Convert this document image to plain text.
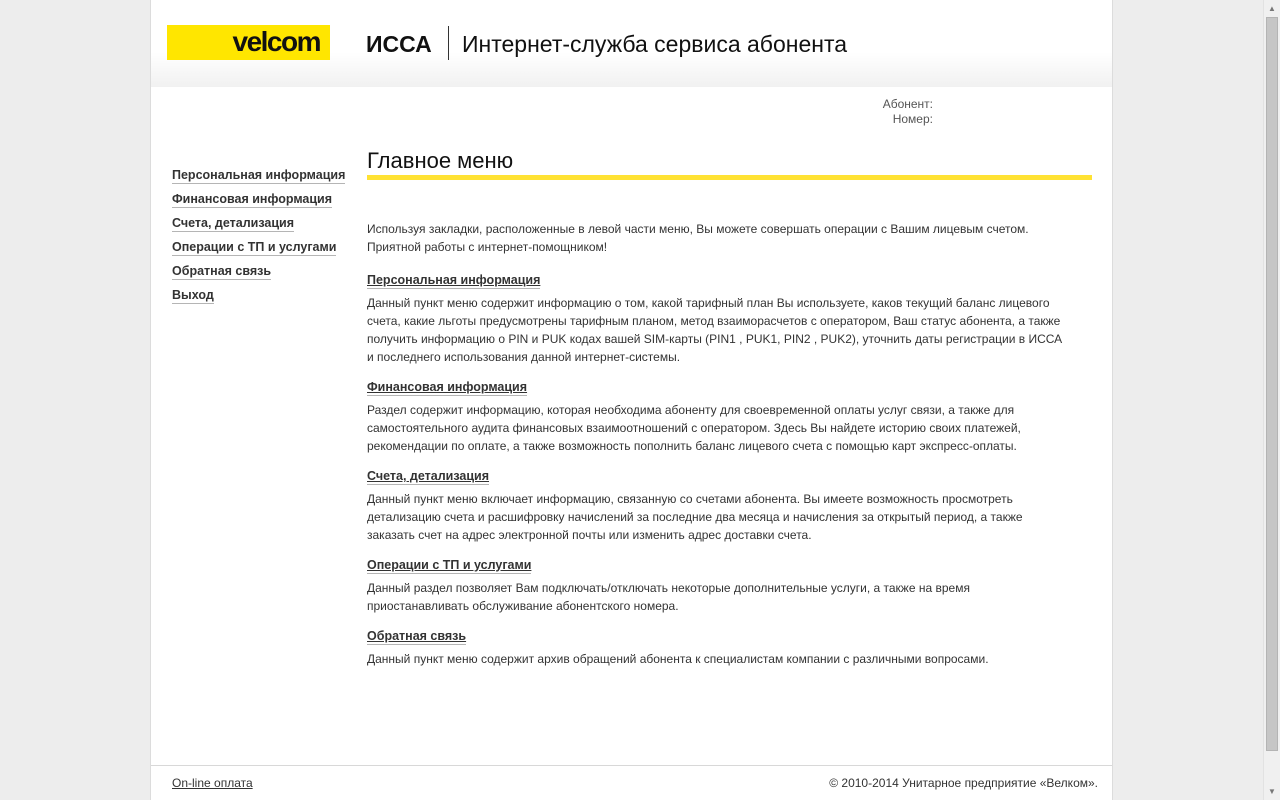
velcom ИССА Интернет-служба сервиса абонента
Абонент:
Номер:
Персональная информация
Финансовая информация
Счета, детализация
Операции с ТП и услугами
Обратная связь
Выход
Главное меню
Используя закладки, расположенные в левой части меню, Вы можете совершать операции с Вашим лицевым счетом.
Приятной работы с интернет-помощником!
Персональная информация
Данный пункт меню содержит информацию о том, какой тарифный план Вы используете, каков текущий баланс лицевого счета, какие льготы предусмотрены тарифным планом, метод взаиморасчетов с оператором, Ваш статус абонента, а также получить информацию о PIN и PUK кодах вашей SIM-карты (PIN1 , PUK1, PIN2 , PUK2), уточнить даты регистрации в ИССА и последнего использования данной интернет-системы.
Финансовая информация
Раздел содержит информацию, которая необходима абоненту для своевременной оплаты услуг связи, а также для самостоятельного аудита финансовых взаимоотношений с оператором. Здесь Вы найдете историю своих платежей, рекомендации по оплате, а также возможность пополнить баланс лицевого счета с помощью карт экспресс-оплаты.
Счета, детализация
Данный пункт меню включает информацию, связанную со счетами абонента. Вы имеете возможность просмотреть детализацию счета и расшифровку начислений за последние два месяца и начисления за открытый период, а также заказать счет на адрес электронной почты или изменить адрес доставки счета.
Операции с ТП и услугами
Данный раздел позволяет Вам подключать/отключать некоторые дополнительные услуги, а также на время приостанавливать обслуживание абонентского номера.
Обратная связь
Данный пункт меню содержит архив обращений абонента к специалистам компании с различными вопросами.
On-line оплата	© 2010-2014 Унитарное предприятие «Велком».
▲
▼
